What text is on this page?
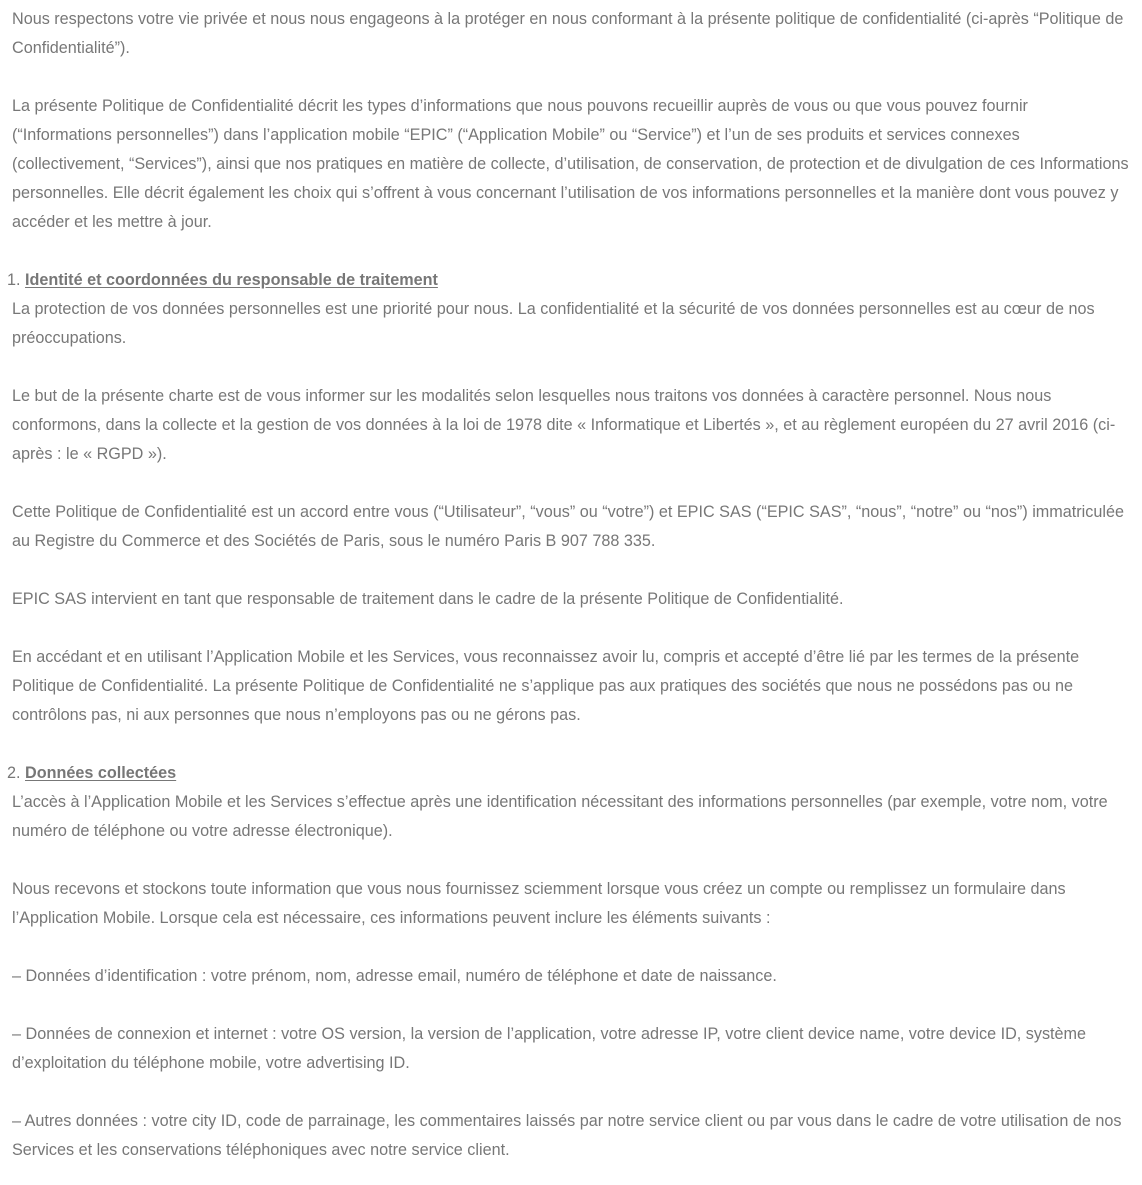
Nous respectons votre vie privée et nous nous engageons à la protéger en nous conformant à la présente politique de confidentialité (ci-après “Politique de Confidentialité”).

La présente Politique de Confidentialité décrit les types d’informations que nous pouvons recueillir auprès de vous ou que vous pouvez fournir (“Informations personnelles”) dans l’application mobile “EPIC” (“Application Mobile” ou “Service”) et l’un de ses produits et services connexes (collectivement, “Services”), ainsi que nos pratiques en matière de collecte, d’utilisation, de conservation, de protection et de divulgation de ces Informations personnelles. Elle décrit également les choix qui s’offrent à vous concernant l’utilisation de vos informations personnelles et la manière dont vous pouvez y accéder et les mettre à jour.

1. Identité et coordonnées du responsable de traitement

La protection de vos données personnelles est une priorité pour nous. La confidentialité et la sécurité de vos données personnelles est au cœur de nos préoccupations.

Le but de la présente charte est de vous informer sur les modalités selon lesquelles nous traitons vos données à caractère personnel. Nous nous conformons, dans la collecte et la gestion de vos données à la loi de 1978 dite « Informatique et Libertés », et au règlement européen du 27 avril 2016 (ci-après : le « RGPD »).

Cette Politique de Confidentialité est un accord entre vous (“Utilisateur”, “vous” ou “votre”) et EPIC SAS (“EPIC SAS”, “nous”, “notre” ou “nos”) immatriculée au Registre du Commerce et des Sociétés de Paris, sous le numéro Paris B 907 788 335.

EPIC SAS intervient en tant que responsable de traitement dans le cadre de la présente Politique de Confidentialité.

En accédant et en utilisant l’Application Mobile et les Services, vous reconnaissez avoir lu, compris et accepté d’être lié par les termes de la présente Politique de Confidentialité. La présente Politique de Confidentialité ne s’applique pas aux pratiques des sociétés que nous ne possédons pas ou ne contrôlons pas, ni aux personnes que nous n’employons pas ou ne gérons pas.

2. Données collectées

L’accès à l’Application Mobile et les Services s’effectue après une identification nécessitant des informations personnelles (par exemple, votre nom, votre numéro de téléphone ou votre adresse électronique).

Nous recevons et stockons toute information que vous nous fournissez sciemment lorsque vous créez un compte ou remplissez un formulaire dans l’Application Mobile. Lorsque cela est nécessaire, ces informations peuvent inclure les éléments suivants :

– Données d’identification : votre prénom, nom, adresse email, numéro de téléphone et date de naissance.

– Données de connexion et internet : votre OS version, la version de l’application, votre adresse IP, votre client device name, votre device ID, système d’exploitation du téléphone mobile, votre advertising ID.

– Autres données : votre city ID, code de parrainage, les commentaires laissés par notre service client ou par vous dans le cadre de votre utilisation de nos Services et les conservations téléphoniques avec notre service client.
